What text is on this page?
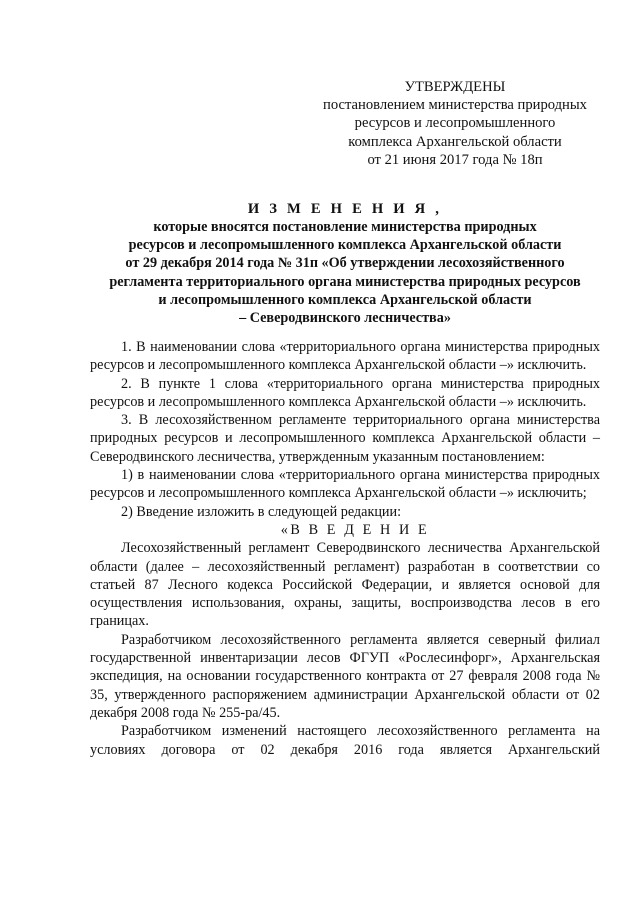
УТВЕРЖДЕНЫ
постановлением министерства природных
ресурсов и лесопромышленного
комплекса Архангельской области
от 21 июня 2017 года № 18п
И З М Е Н Е Н И Я ,
которые вносятся постановление министерства природных
ресурсов и лесопромышленного комплекса Архангельской области
от 29 декабря 2014 года № 31п «Об утверждении лесохозяйственного
регламента территориального органа министерства природных ресурсов
и лесопромышленного комплекса Архангельской области
– Северодвинского лесничества»

1. В наименовании слова «территориального органа министерства природных ресурсов и лесопромышленного комплекса Архангельской области –» исключить.

2. В пункте 1 слова «территориального органа министерства природных ресурсов и лесопромышленного комплекса Архангельской области –» исключить.

3. В лесохозяйственном регламенте территориального органа министерства природных ресурсов и лесопромышленного комплекса Архангельской области – Северодвинского лесничества, утвержденным указанным постановлением:

1) в наименовании слова «территориального органа министерства природных ресурсов и лесопромышленного комплекса Архангельской области –» исключить;

2) Введение изложить в следующей редакции:

«В В Е Д Е Н И Е

Лесохозяйственный регламент Северодвинского лесничества Архангельской области (далее – лесохозяйственный регламент) разработан в соответствии со статьей 87 Лесного кодекса Российской Федерации, и является основой для осуществления использования, охраны, защиты, воспроизводства лесов в его границах.

Разработчиком лесохозяйственного регламента является северный филиал государственной инвентаризации лесов ФГУП «Рослесинфорг», Архангельская экспедиция, на основании государственного контракта от 27 февраля 2008 года № 35, утвержденного распоряжением администрации Архангельской области от 02 декабря 2008 года № 255-ра/45.

Разработчиком изменений настоящего лесохозяйственного регламента на условиях договора от 02 декабря 2016 года является Архангельский
